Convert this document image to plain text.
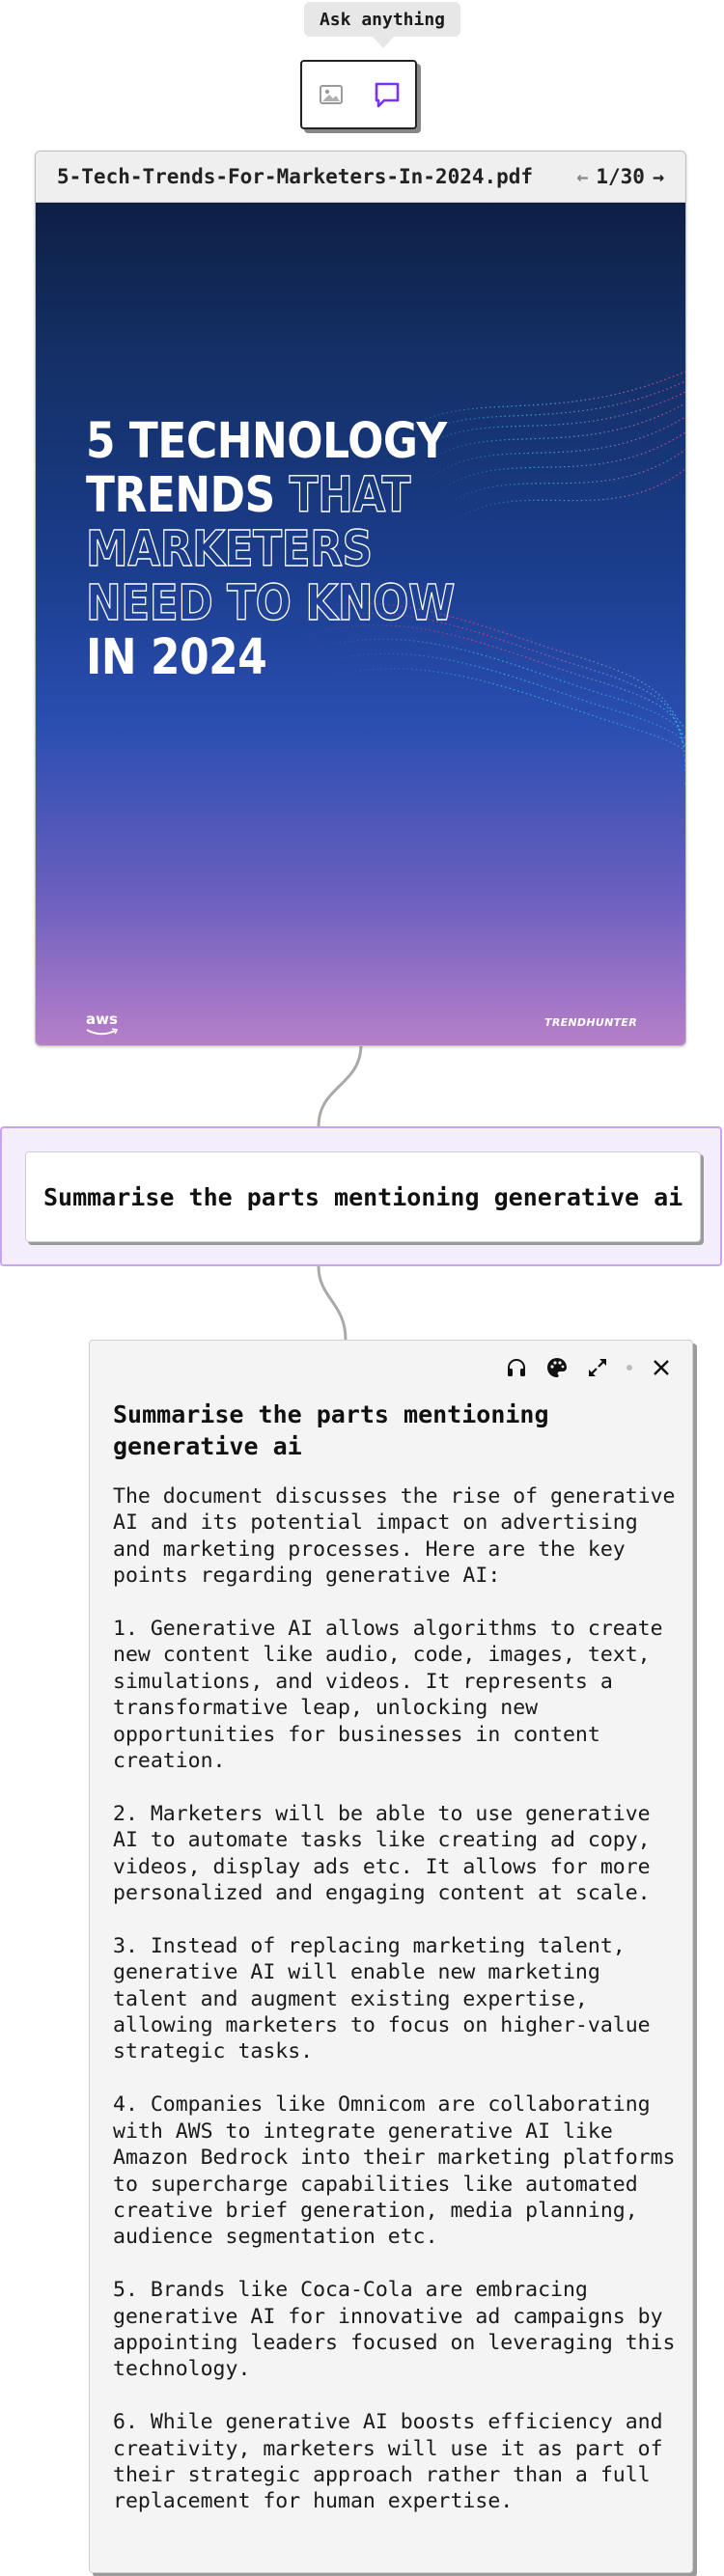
Ask anything
5-Tech-Trends-For-Marketers-In-2024.pdf ← 1/30 →
5 TECHNOLOGY
TRENDS THAT
MARKETERS
NEED TO KNOW
IN 2024
aws	TRENDHUNTER
Summarise the parts mentioning generative ai
Summarise the parts mentioning generative ai

The document discusses the rise of generative AI and its potential impact on advertising and marketing processes. Here are the key points regarding generative AI:

1. Generative AI allows algorithms to create new content like audio, code, images, text, simulations, and videos. It represents a transformative leap, unlocking new opportunities for businesses in content creation.

2. Marketers will be able to use generative AI to automate tasks like creating ad copy, videos, display ads etc. It allows for more personalized and engaging content at scale.

3. Instead of replacing marketing talent, generative AI will enable new marketing talent and augment existing expertise, allowing marketers to focus on higher-value strategic tasks.

4. Companies like Omnicom are collaborating with AWS to integrate generative AI like Amazon Bedrock into their marketing platforms to supercharge capabilities like automated creative brief generation, media planning, audience segmentation etc.

5. Brands like Coca-Cola are embracing generative AI for innovative ad campaigns by appointing leaders focused on leveraging this technology.

6. While generative AI boosts efficiency and creativity, marketers will use it as part of their strategic approach rather than a full replacement for human expertise.
